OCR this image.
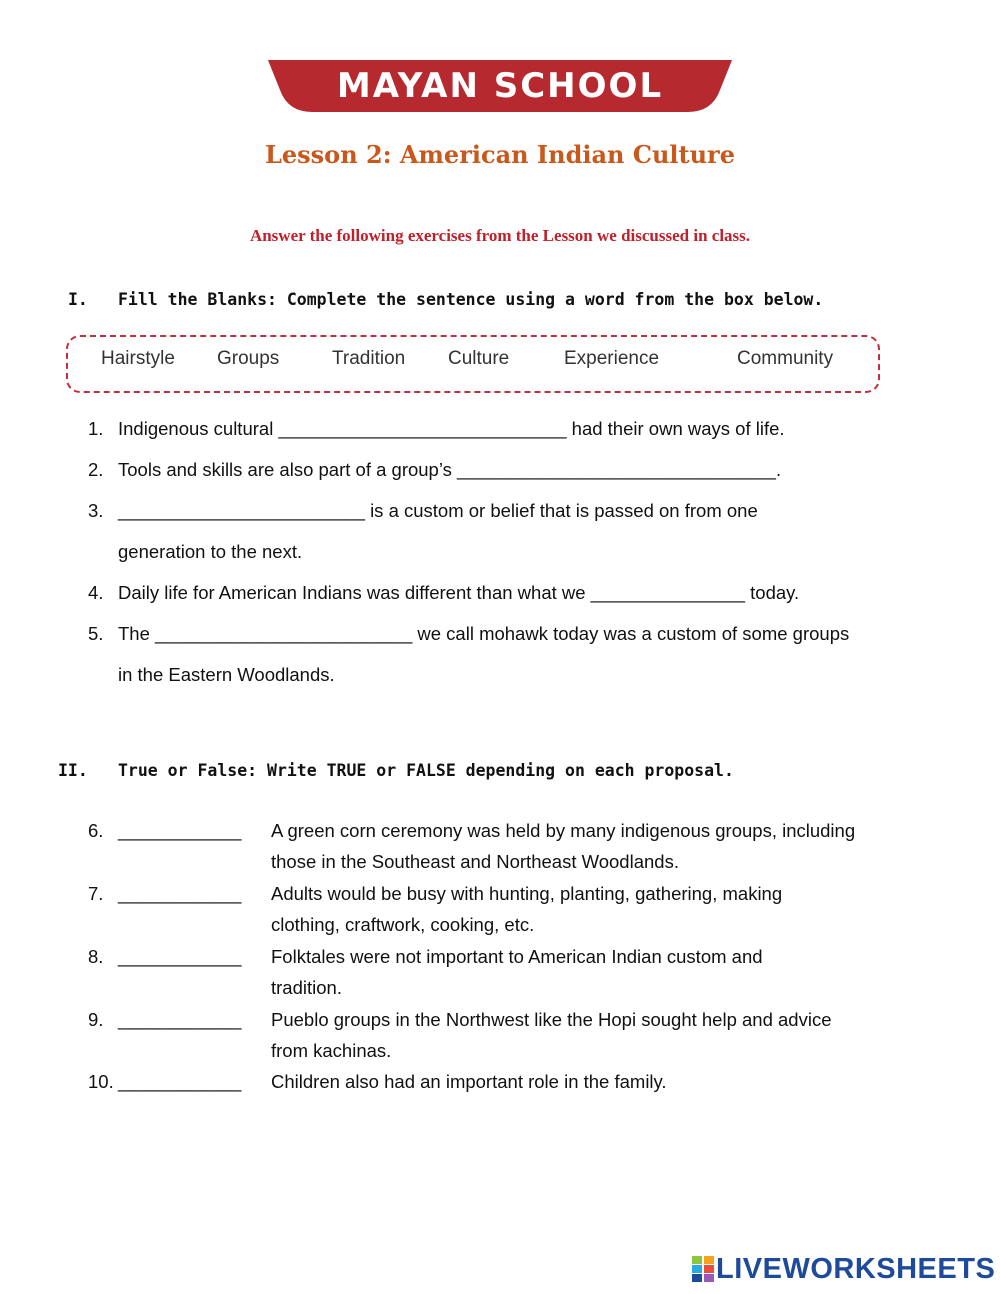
MAYAN SCHOOL
Lesson 2: American Indian Culture
Answer the following exercises from the Lesson we discussed in class.
I. Fill the Blanks: Complete the sentence using a word from the box below.
Hairstyle Groups	Tradition Culture	Experience	Community
1. Indigenous cultural ____________________________ had their own ways of life.
2. Tools and skills are also part of a group’s _______________________________.
3. ________________________ is a custom or belief that is passed on from one
generation to the next.
4. Daily life for American Indians was different than what we _______________ today.
5. The _________________________ we call mohawk today was a custom of some groups
in the Eastern Woodlands.
II. True or False: Write TRUE or FALSE depending on each proposal.
6. ____________ A green corn ceremony was held by many indigenous groups, including
those in the Southeast and Northeast Woodlands.
7. ____________ Adults would be busy with hunting, planting, gathering, making
clothing, craftwork, cooking, etc.
8. ____________ Folktales were not important to American Indian custom and
tradition.
9. ____________ Pueblo groups in the Northwest like the Hopi sought help and advice
from kachinas.
10. ____________ Children also had an important role in the family.
LIVEWORKSHEETS
